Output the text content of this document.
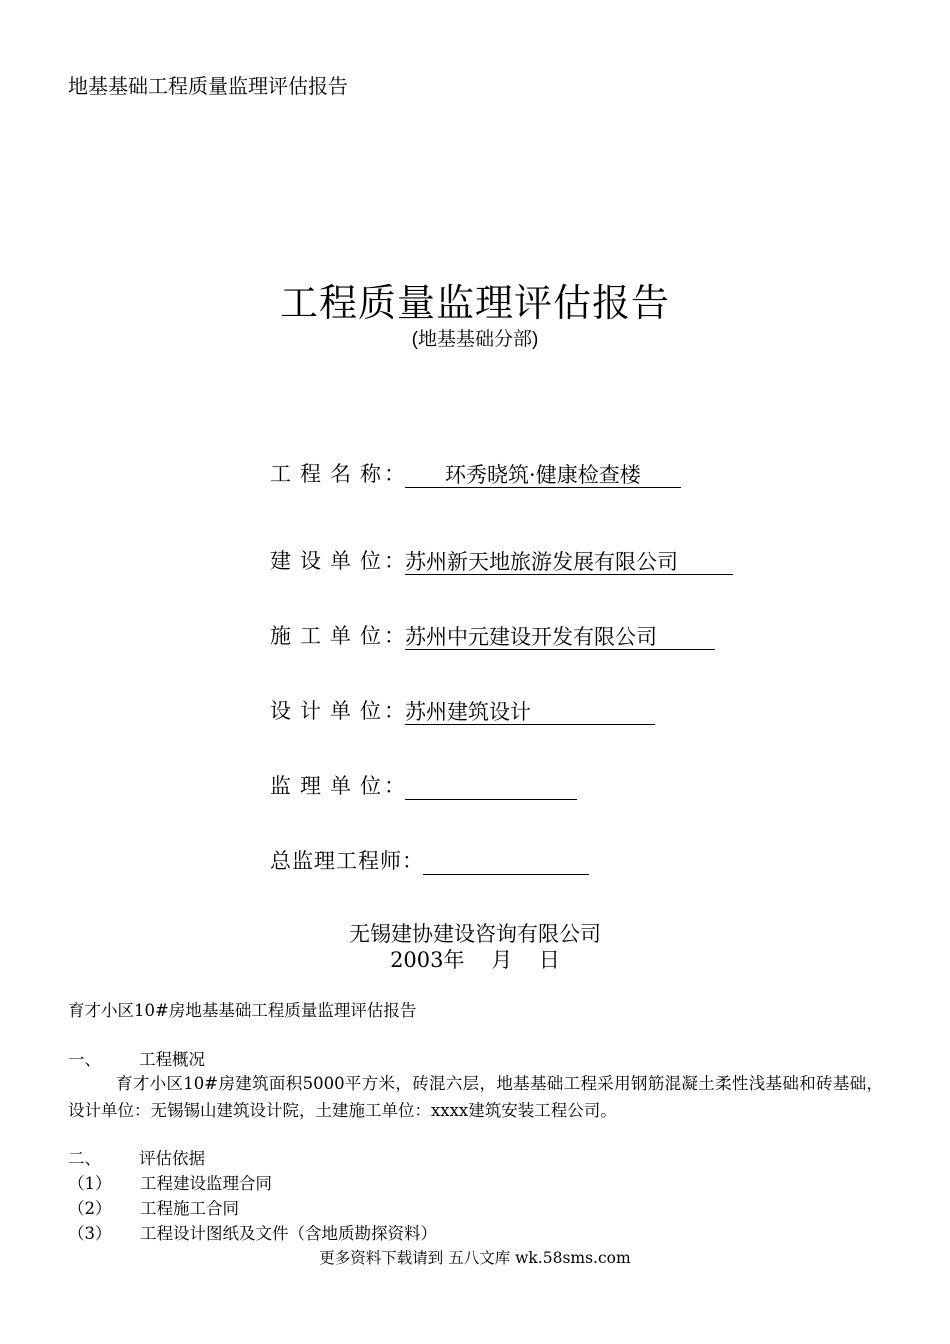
地基基础工程质量监理评估报告
工程质量监理评估报告
(地基基础分部)
工程名称
： 环秀晓筑·健康检查楼
建设单位
： 苏州新天地旅游发展有限公司
施工单位
： 苏州中元建设开发有限公司
设计单位
： 苏州建筑设计
监理单位
：
总监理工程师 ：
无锡建协建设咨询有限公司
2003年    月    日
育才小区10#房地基基础工程质量监理评估报告
一、 工程概况
育才小区10#房建筑面积5000平方米，砖混六层，地基基础工程采用钢筋混凝土柔性浅基础和砖基础，设计单位：无锡锡山建筑设计院，土建施工单位：xxxx建筑安装工程公司。
二、 评估依据
（1） 工程建设监理合同
（2） 工程施工合同
（3） 工程设计图纸及文件（含地质勘探资料）
更多资料下载请到 五八文库 wk.58sms.com
